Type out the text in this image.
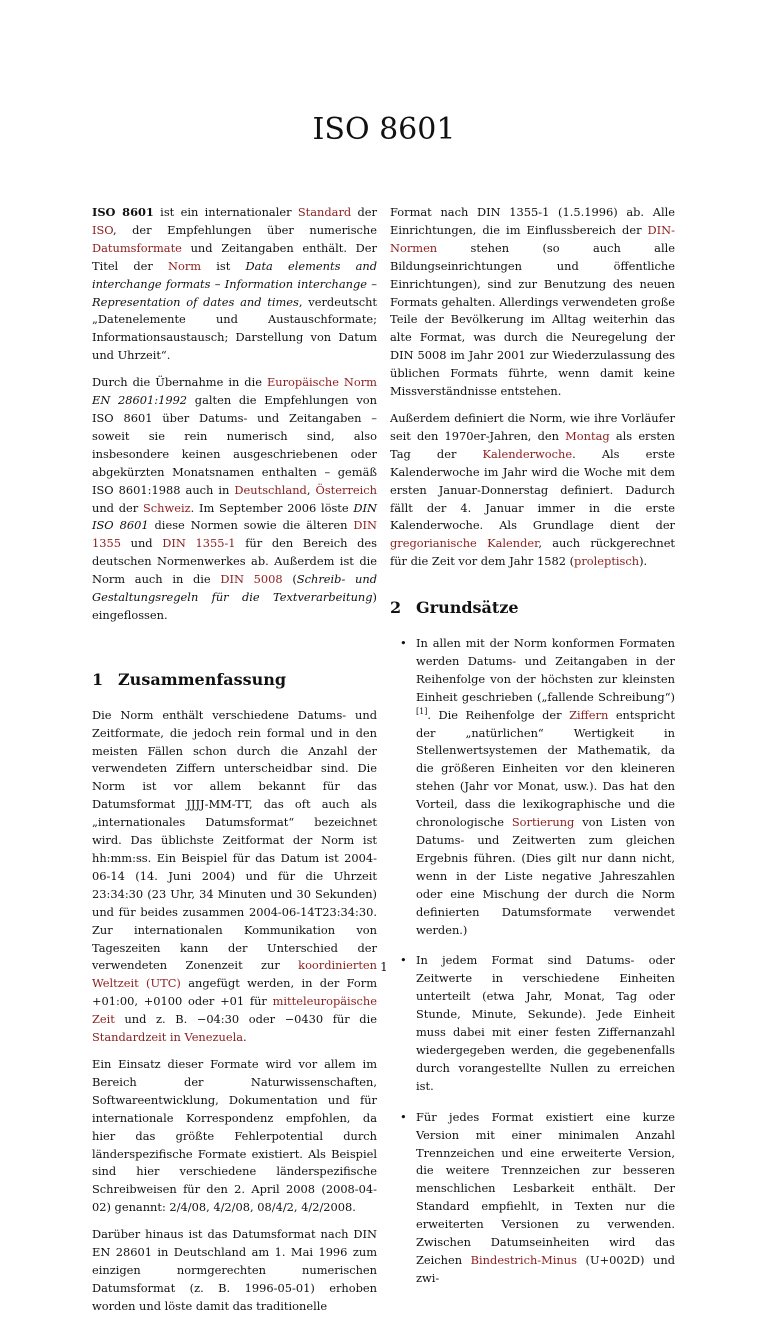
ISO 8601

ISO 8601 ist ein internationaler Standard der ISO, der Empfehlungen über numerische Datumsformate und Zeitangaben enthält. Der Titel der Norm ist Data elements and interchange formats – Information interchange – Representation of dates and times, verdeutscht „Datenelemente und Austauschformate; Informationsaustausch; Darstellung von Datum und Uhrzeit“.

Durch die Übernahme in die Europäische Norm EN 28601:1992 galten die Empfehlungen von ISO 8601 über Datums- und Zeitangaben – soweit sie rein numerisch sind, also insbesondere keinen ausgeschriebenen oder abgekürzten Monatsnamen enthalten – gemäß ISO 8601:1988 auch in Deutschland, Österreich und der Schweiz. Im September 2006 löste DIN ISO 8601 diese Normen sowie die älteren DIN 1355 und DIN 1355-1 für den Bereich des deutschen Normenwerkes ab. Außerdem ist die Norm auch in die DIN 5008 (Schreib- und Gestaltungsregeln für die Textverarbeitung) eingeflossen.

1 Zusammenfassung

Die Norm enthält verschiedene Datums- und Zeitformate, die jedoch rein formal und in den meisten Fällen schon durch die Anzahl der verwendeten Ziffern unterscheidbar sind. Die Norm ist vor allem bekannt für das Datumsformat JJJJ-MM-TT, das oft auch als „internationales Datumsformat“ bezeichnet wird. Das üblichste Zeitformat der Norm ist hh:mm:ss. Ein Beispiel für das Datum ist 2004-06-14 (14. Juni 2004) und für die Uhrzeit 23:34:30 (23 Uhr, 34 Minuten und 30 Sekunden) und für beides zusammen 2004-06-14T23:34:30. Zur internationalen Kommunikation von Tageszeiten kann der Unterschied der verwendeten Zonenzeit zur koordinierten Weltzeit (UTC) angefügt werden, in der Form +01:00, +0100 oder +01 für mitteleuropäische Zeit und z. B. −04:30 oder −0430 für die Standardzeit in Venezuela.

Ein Einsatz dieser Formate wird vor allem im Bereich der Naturwissenschaften, Softwareentwicklung, Dokumentation und für internationale Korrespondenz empfohlen, da hier das größte Fehlerpotential durch länderspezifische Formate existiert. Als Beispiel sind hier verschiedene länderspezifische Schreibweisen für den 2. April 2008 (2008-04-02) genannt: 2/4/08, 4/2/08, 08/4/2, 4/2/2008.

Darüber hinaus ist das Datumsformat nach DIN EN 28601 in Deutschland am 1. Mai 1996 zum einzigen normgerechten numerischen Datumsformat (z. B. 1996-05-01) erhoben worden und löste damit das traditionelle

Format nach DIN 1355-1 (1.5.1996) ab. Alle Einrichtungen, die im Einflussbereich der DIN-Normen stehen (so auch alle Bildungseinrichtungen und öffentliche Einrichtungen), sind zur Benutzung des neuen Formats gehalten. Allerdings verwendeten große Teile der Bevölkerung im Alltag weiterhin das alte Format, was durch die Neuregelung der DIN 5008 im Jahr 2001 zur Wiederzulassung des üblichen Formats führte, wenn damit keine Missverständnisse entstehen.

Außerdem definiert die Norm, wie ihre Vorläufer seit den 1970er-Jahren, den Montag als ersten Tag der Kalenderwoche. Als erste Kalenderwoche im Jahr wird die Woche mit dem ersten Januar-Donnerstag definiert. Dadurch fällt der 4. Januar immer in die erste Kalenderwoche. Als Grundlage dient der gregorianische Kalender, auch rückgerechnet für die Zeit vor dem Jahr 1582 (proleptisch).

2 Grundsätze
• In allen mit der Norm konformen Formaten werden Datums- und Zeitangaben in der Reihenfolge von der höchsten zur kleinsten Einheit geschrieben („fallende Schreibung“)[1]. Die Reihenfolge der Ziffern entspricht der „natürlichen“ Wertigkeit in Stellenwertsystemen der Mathematik, da die größeren Einheiten vor den kleineren stehen (Jahr vor Monat, usw.). Das hat den Vorteil, dass die lexikographische und die chronologische Sortierung von Listen von Datums- und Zeitwerten zum gleichen Ergebnis führen. (Dies gilt nur dann nicht, wenn in der Liste negative Jahreszahlen oder eine Mischung der durch die Norm definierten Datumsformate verwendet werden.)
• In jedem Format sind Datums- oder Zeitwerte in verschiedene Einheiten unterteilt (etwa Jahr, Monat, Tag oder Stunde, Minute, Sekunde). Jede Einheit muss dabei mit einer festen Ziffernanzahl wiedergegeben werden, die gegebenenfalls durch vorangestellte Nullen zu erreichen ist.
• Für jedes Format existiert eine kurze Version mit einer minimalen Anzahl Trennzeichen und eine erweiterte Version, die weitere Trennzeichen zur besseren menschlichen Lesbarkeit enthält. Der Standard empfiehlt, in Texten nur die erweiterten Versionen zu verwenden. Zwischen Datumseinheiten wird das Zeichen Bindestrich-Minus (U+002D) und zwi-
1
